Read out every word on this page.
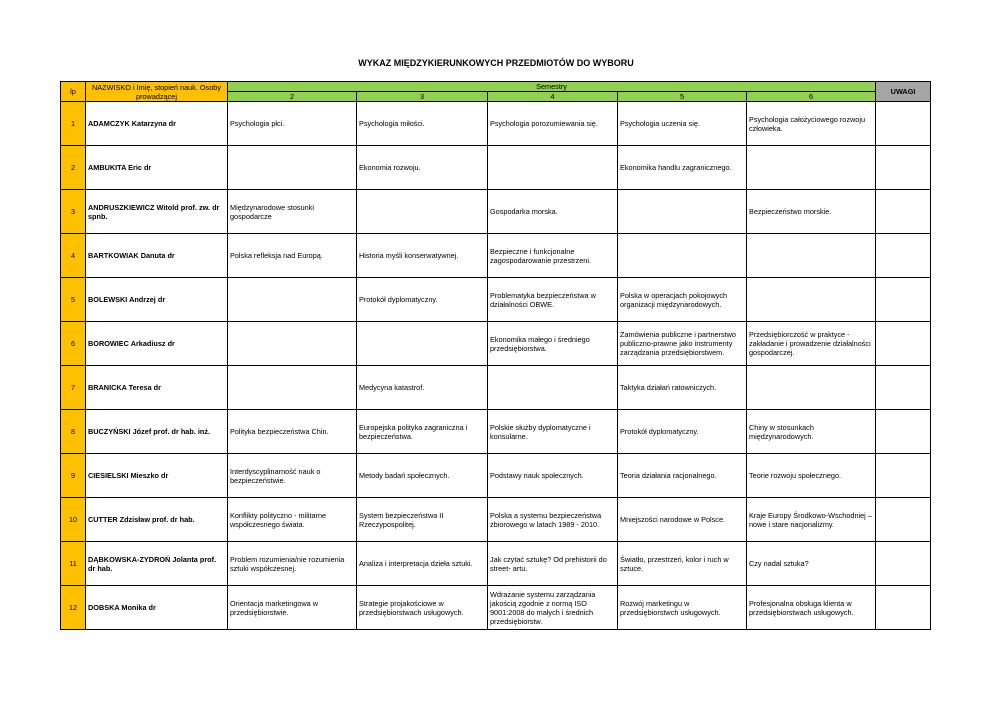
WYKAZ MIĘDZYKIERUNKOWYCH PRZEDMIOTÓW DO WYBORU
lp	NAZWISKO i Imię, stopień nauk. Osoby prowadzącej	Semestry					UWAGI
		2	3	4	5	6	
1	ADAMCZYK Katarzyna dr	Psychologia płci.	Psychologia miłości.	Psychologia porozumiewania się.	Psychologia uczenia się.	Psychologia całożyciowego rozwoju człowieka.	
2	AMBUKITA Eric dr		Ekonomia rozwoju.		Ekonomika handlu zagranicznego.		
3	ANDRUSZKIEWICZ Witold prof. zw. dr spnb.	Międzynarodowe stosunki gospodarcze		Gospodarka morska.		Bezpieczeństwo morskie.	
4	BARTKOWIAK Danuta dr	Polska refleksja nad Europą.	Historia myśli konserwatywnej.	Bezpieczne i funkcjonalne zagospodarowanie przestrzeni.			
5	BOLEWSKI Andrzej dr		Protokół dyplomatyczny.	Problematyka bezpieczeństwa w działalności OBWE.	Polska w operacjach pokojowych organizacji międzynarodowych.		
6	BOROWIEC Arkadiusz dr			Ekonomika małego i średniego przedsiębiorstwa.	Zamówienia publiczne i partnerstwo publiczno-prawne jako instrumenty zarządzania przedsiębiorstwem.	Przedsiębiorczość w praktyce - zakładanie i prowadzenie działalności gospodarczej.	
7	BRANICKA Teresa dr		Medycyna katastrof.		Taktyka działań ratowniczych.		
8	BUCZYŃSKI Józef prof. dr hab. inż.	Polityka bezpieczeństwa Chin.	Europejska polityka zagraniczna i bezpieczeństwa.	Polskie służby dyplomatyczne i konsularne.	Protokół dyplomatyczny.	Chiny w stosunkach międzynarodowych.	
9	CIESIELSKI Mieszko dr	Interdyscyplinarność nauk o bezpieczeństwie.	Metody badań społecznych.	Podstawy nauk społecznych.	Teoria działania racjonalnego.	Teorie rozwoju społecznego.	
10	CUTTER Zdzisław prof. dr hab.	Konflikty polityczno - militarne współczesnego świata.	System bezpieczeństwa II Rzeczypospolitej.	Polska a systemu bezpieczeństwa zbiorowego w latach 1989 - 2010.	Mniejszości narodowe w Polsce.	Kraje Europy Środkowo-Wschodniej – nowe i stare nacjonalizmy.	
11	DĄBKOWSKA-ZYDROŃ Jolanta prof. dr hab.	Problem rozumienia/nie rozumienia sztuki współczesnej.	Analiza i interpretacja dzieła sztuki.	Jak czytać sztukę? Od prehistorii do street- artu.	Światło, przestrzeń, kolor i ruch w sztuce.	Czy nadal sztuka?	
12	DOBSKA Monika dr	Orientacja marketingowa w przedsiębiorstwie.	Strategie projakościowe w przedsiębiorstwach usługowych.	Wdrażanie systemu zarządzania jakością zgodnie z normą ISO 9001:2008 do małych i średnich przedsiębiorstw.	Rozwój marketingu w przedsiębiorstwch usługowych.	Profesjonalna obsługa klienta w przedsiębiorstwach usługowych.	
